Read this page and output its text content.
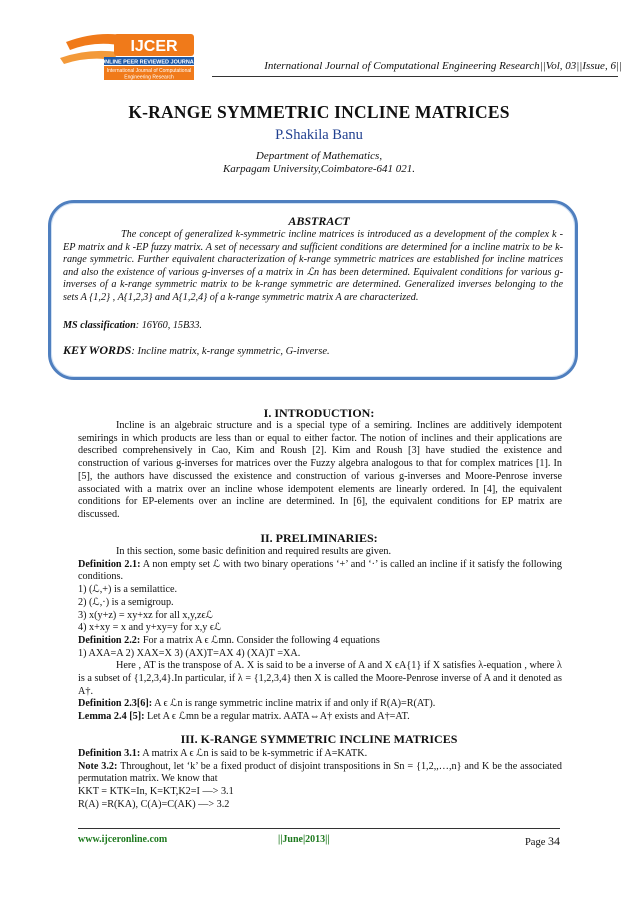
IJCER
ONLINE PEER REVIEWED JOURNAL
International Journal of Computational
Engineering Research
International Journal of Computational Engineering Research||Vol, 03||Issue, 6||
K-RANGE SYMMETRIC INCLINE MATRICES
P.Shakila Banu
Department of Mathematics,
Karpagam University,Coimbatore-641 021.
ABSTRACT

The concept of generalized k-symmetric incline matrices is introduced as a development of the complex k - EP matrix and k -EP fuzzy matrix. A set of necessary and sufficient conditions are determined for a incline matrix to be k-range symmetric. Further equivalent characterization of k-range symmetric matrices are established for incline matrices and also the existence of various g-inverses of a matrix in ℒn has been determined. Equivalent conditions for various g-inverses of a k-range symmetric matrix to be k-range symmetric are determined. Generalized inverses belonging to the sets A {1,2} , A{1,2,3} and A{1,2,4} of a k-range symmetric matrix A are characterized.

MS classification: 16Y60, 15B33.
KEY WORDS: Incline matrix, k-range symmetric, G-inverse.
I. INTRODUCTION:

Incline is an algebraic structure and is a special type of a semiring. Inclines are additively idempotent semirings in which products are less than or equal to either factor. The notion of inclines and their applications are described comprehensively in Cao, Kim and Roush [2]. Kim and Roush [3] have studied the existence and construction of various g-inverses for matrices over the Fuzzy algebra analogous to that for complex matrices [1]. In [5], the authors have discussed the existence and construction of various g-inverses and Moore-Penrose inverse associated with a matrix over an incline whose idempotent elements are linearly ordered. In [4], the equivalent conditions for EP-elements over an incline are determined. In [6], the equivalent conditions for EP matrix are discussed.

II. PRELIMINARIES:

In this section, some basic definition and required results are given.

Definition 2.1: A non empty set ℒ with two binary operations ‘+’ and ‘·’ is called an incline if it satisfy the following conditions.

1) (ℒ,+) is a semilattice.

2) (ℒ,·) is a semigroup.

3) x(y+z) = xy+xz for all x,y,zϵℒ

4) x+xy = x and y+xy=y for x,y ϵℒ

Definition 2.2: For a matrix A ϵ ℒmn. Consider the following 4 equations

1) AXA=A 2) XAX=X 3) (AX)T=AX 4) (XA)T =XA.

Here , AT is the transpose of A. X is said to be a inverse of A and X ϵA{1} if X satisfies λ-equation , where λ is a subset of {1,2,3,4}.In particular, if λ = {1,2,3,4} then X is called the Moore-Penrose inverse of A and it denoted as A†.

Definition 2.3[6]: A ϵ ℒn is range symmetric incline matrix if and only if R(A)=R(AT).

Lemma 2.4 [5]: Let A ϵ ℒmn be a regular matrix. AATA⇔A† exists and A†=AT.

III. K-RANGE SYMMETRIC INCLINE MATRICES

Definition 3.1: A matrix A ϵ ℒn is said to be k-symmetric if A=KATK.

Note 3.2: Throughout, let ‘k’ be a fixed product of disjoint transpositions in Sn = {1,2,,…,n} and K be the associated permutation matrix. We know that

KKT = KTK=In, K=KT,K2=I —> 3.1

R(A) =R(KA), C(A)=C(AK) —> 3.2

www.ijceronline.com	||June|2013||	Page 34
